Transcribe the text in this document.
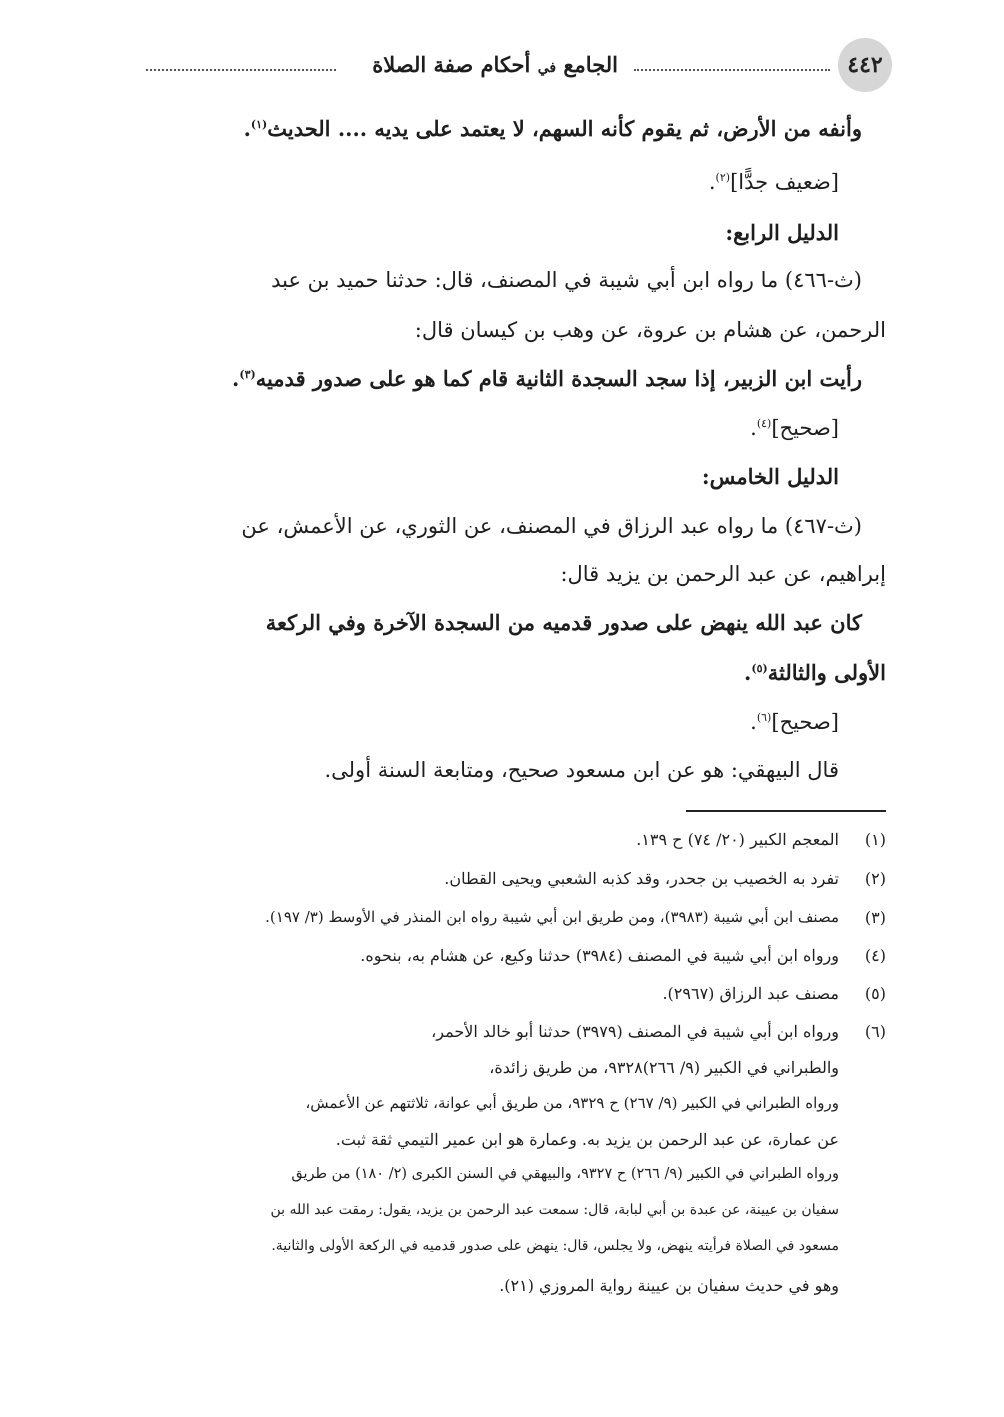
٤٤٢
الجامع في أحكام صفة الصلاة
وأنفه من الأرض، ثم يقوم كأنه السهم، لا يعتمد على يديه .... الحديث$^{(١)}$.
[ضعيف جدًّا]$^{(٢)}$.
الدليل الرابع:
(ث-٤٦٦) ما رواه ابن أبي شيبة في المصنف، قال: حدثنا حميد بن عبد
الرحمن، عن هشام بن عروة، عن وهب بن كيسان قال:
رأيت ابن الزبير، إذا سجد السجدة الثانية قام كما هو على صدور قدميه$^{(٣)}$.
[صحيح]$^{(٤)}$.
الدليل الخامس:
(ث-٤٦٧) ما رواه عبد الرزاق في المصنف، عن الثوري، عن الأعمش، عن
إبراهيم، عن عبد الرحمن بن يزيد قال:
كان عبد الله ينهض على صدور قدميه من السجدة الآخرة وفي الركعة
الأولى والثالثة$^{(٥)}$.
[صحيح]$^{(٦)}$.
قال البيهقي: هو عن ابن مسعود صحيح، ومتابعة السنة أولى.
(١)
المعجم الكبير (٢٠/ ٧٤) ح ١٣٩.
(٢)
تفرد به الخصيب بن جحدر، وقد كذبه الشعبي ويحيى القطان.
(٣)
مصنف ابن أبي شيبة (٣٩٨٣)، ومن طريق ابن أبي شيبة رواه ابن المنذر في الأوسط (٣/ ١٩٧).
(٤)
ورواه ابن أبي شيبة في المصنف (٣٩٨٤) حدثنا وكيع، عن هشام به، بنحوه.
(٥)
مصنف عبد الرزاق (٢٩٦٧).
(٦)
ورواه ابن أبي شيبة في المصنف (٣٩٧٩) حدثنا أبو خالد الأحمر،
والطبراني في الكبير (٩/ ٢٦٦)٩٣٢٨، من طريق زائدة،
ورواه الطبراني في الكبير (٩/ ٢٦٧) ح ٩٣٢٩، من طريق أبي عوانة، ثلاثتهم عن الأعمش،
عن عمارة، عن عبد الرحمن بن يزيد به. وعمارة هو ابن عمير التيمي ثقة ثبت.
ورواه الطبراني في الكبير (٩/ ٢٦٦) ح ٩٣٢٧، والبيهقي في السنن الكبرى (٢/ ١٨٠) من طريق
سفيان بن عيينة، عن عبدة بن أبي لبابة، قال: سمعت عبد الرحمن بن يزيد، يقول: رمقت عبد الله بن
مسعود في الصلاة فرأيته ينهض، ولا يجلس، قال: ينهض على صدور قدميه في الركعة الأولى والثانية.
وهو في حديث سفيان بن عيينة رواية المروزي (٢١).
